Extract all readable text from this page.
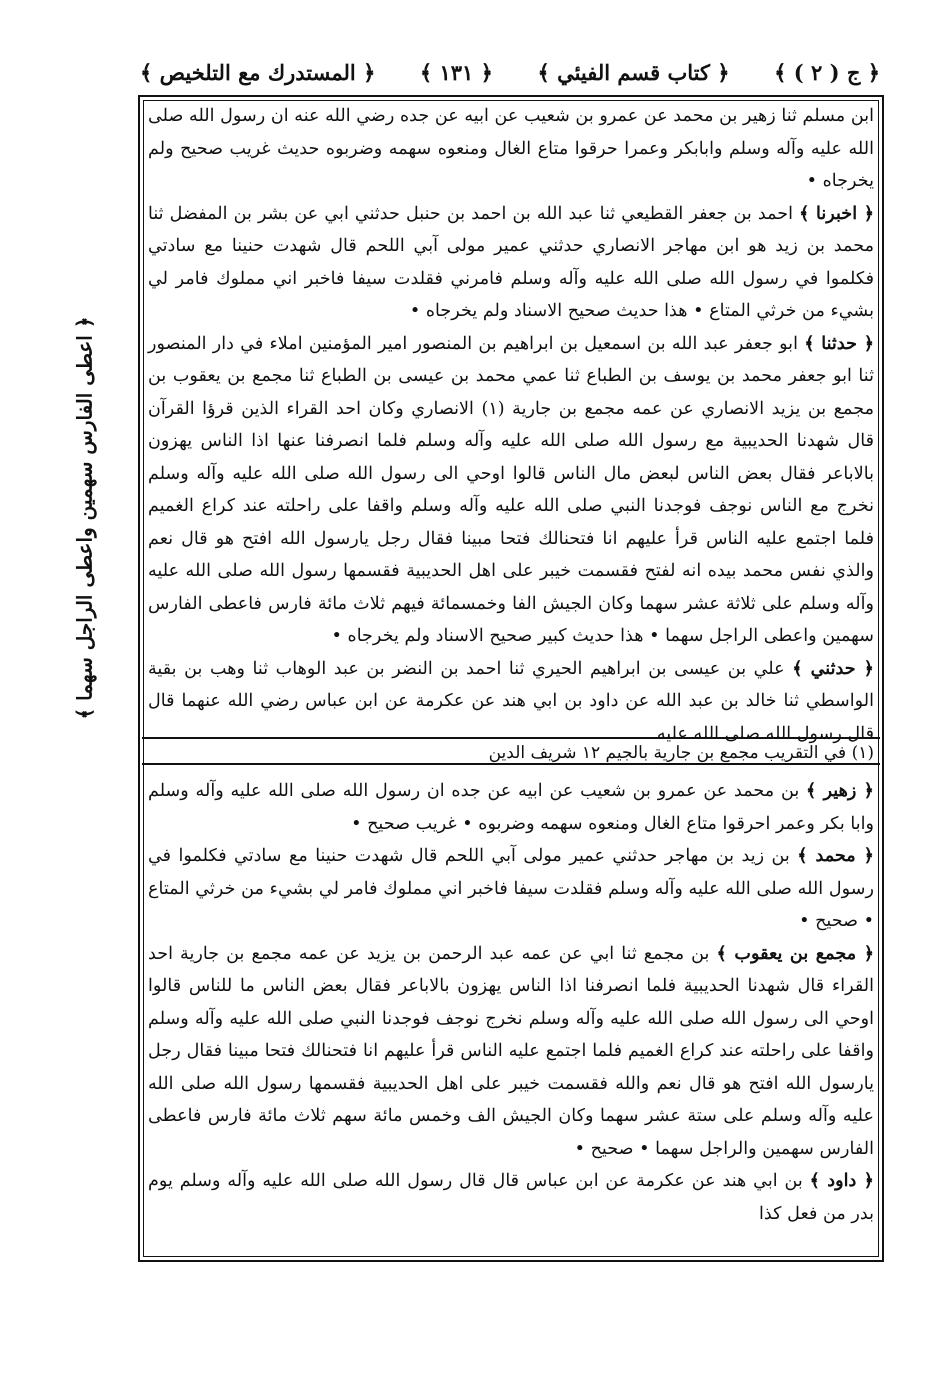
﴿ المستدرك مع التلخيص ﴾ ﴿ ١٣١ ﴾ ﴿ كتاب قسم الفيئي ﴾ ﴿ ج ( ٢ ) ﴾

ابن مسلم ثنا زهير بن محمد عن عمرو بن شعيب عن ابيه عن جده رضي الله عنه ان رسول الله صلى الله عليه وآله وسلم وابابكر وعمرا حرقوا متاع الغال ومنعوه سهمه وضربوه حديث غريب صحيح ولم يخرجاه ‌•

﴿ اخبرنا ﴾ احمد بن جعفر القطيعي ثنا عبد الله بن احمد بن حنبل حدثني ابي عن بشر بن المفضل ثنا محمد بن زيد هو ابن مهاجر الانصاري حدثني عمير مولى آبي اللحم قال شهدت حنينا مع سادتي فكلموا في رسول الله صلى الله عليه وآله وسلم فامرني فقلدت سيفا فاخبر اني مملوك فامر لي بشيء من خرثي المتاع ‌• هذا حديث صحيح الاسناد ولم يخرجاه ‌•

﴿ حدثنا ﴾ ابو جعفر عبد الله بن اسمعيل بن ابراهيم بن المنصور امير المؤمنين املاء في دار المنصور ثنا ابو جعفر محمد بن يوسف بن الطباع ثنا عمي محمد بن عيسى بن الطباع ثنا مجمع بن يعقوب بن مجمع بن يزيد الانصاري عن عمه مجمع بن جارية (١) الانصاري وكان احد القراء الذين قرؤا القرآن قال شهدنا الحديبية مع رسول الله صلى الله عليه وآله وسلم فلما انصرفنا عنها اذا الناس يهزون بالاباعر فقال بعض الناس لبعض مال الناس قالوا اوحي الى رسول الله صلى الله عليه وآله وسلم نخرج مع الناس نوجف فوجدنا النبي صلى الله عليه وآله وسلم واقفا على راحلته عند كراع الغميم فلما اجتمع عليه الناس قرأ عليهم انا فتحنالك فتحا مبينا فقال رجل يارسول الله افتح هو قال نعم والذي نفس محمد بيده انه لفتح فقسمت خيبر على اهل الحديبية فقسمها رسول الله صلى الله عليه وآله وسلم على ثلاثة عشر سهما وكان الجيش الفا وخمسمائة فيهم ثلاث مائة فارس فاعطى الفارس سهمين واعطى الراجل سهما ‌• هذا حديث كبير صحيح الاسناد ولم يخرجاه ‌•

﴿ حدثني ﴾ علي بن عيسى بن ابراهيم الحيري ثنا احمد بن النضر بن عبد الوهاب ثنا وهب بن بقية الواسطي ثنا خالد بن عبد الله عن داود بن ابي هند عن عكرمة عن ابن عباس رضي الله عنهما قال قال رسول الله صلى الله عليه

(١) في التقريب مجمع بن جارية بالجيم ١٢ شريف الدين

﴿ زهير ﴾ بن محمد عن عمرو بن شعيب عن ابيه عن جده ان رسول الله صلى الله عليه وآله وسلم وابا بكر وعمر احرقوا متاع الغال ومنعوه سهمه وضربوه ‌• غريب صحيح ‌•

﴿ محمد ﴾ بن زيد بن مهاجر حدثني عمير مولى آبي اللحم قال شهدت حنينا مع سادتي فكلموا في رسول الله صلى الله عليه وآله وسلم فقلدت سيفا فاخبر اني مملوك فامر لي بشيء من خرثي المتاع ‌• صحيح ‌•

﴿ مجمع بن يعقوب ﴾ بن مجمع ثنا ابي عن عمه عبد الرحمن بن يزيد عن عمه مجمع بن جارية احد القراء قال شهدنا الحديبية فلما انصرفنا اذا الناس يهزون بالاباعر فقال بعض الناس ما للناس قالوا اوحي الى رسول الله صلى الله عليه وآله وسلم نخرج نوجف فوجدنا النبي صلى الله عليه وآله وسلم واقفا على راحلته عند كراع الغميم فلما اجتمع عليه الناس قرأ عليهم انا فتحنالك فتحا مبينا فقال رجل يارسول الله افتح هو قال نعم والله فقسمت خيبر على اهل الحديبية فقسمها رسول الله صلى الله عليه وآله وسلم على ستة عشر سهما وكان الجيش الف وخمس مائة سهم ثلاث مائة فارس فاعطى الفارس سهمين والراجل سهما ‌• صحيح ‌•

﴿ داود ﴾ بن ابي هند عن عكرمة عن ابن عباس قال قال رسول الله صلى الله عليه وآله وسلم يوم بدر من فعل كذا

﴿ اعطى الفارس سهمين واعطى الراجل سهما ﴾
